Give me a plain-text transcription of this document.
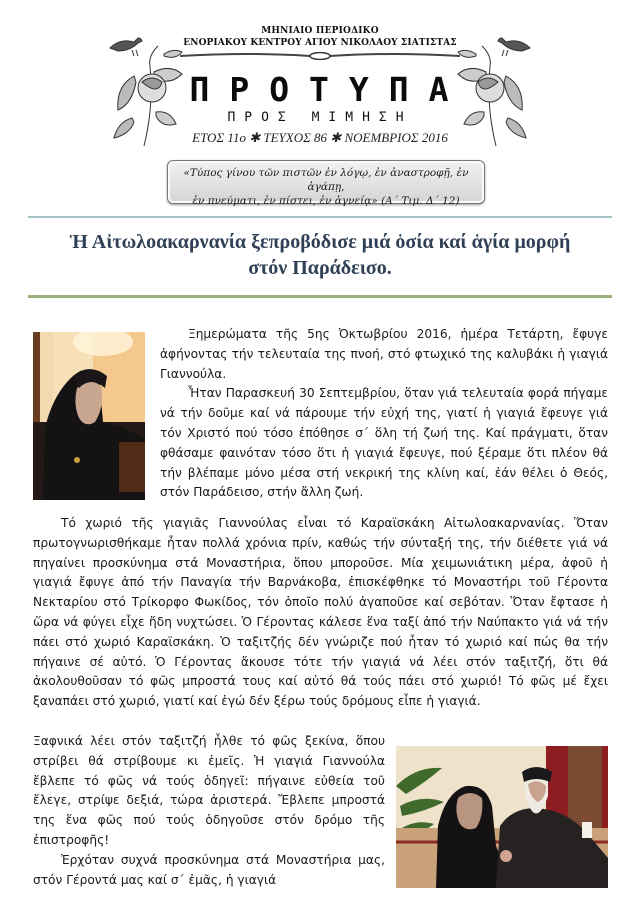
ΜΗΝΙΑΙΟ ΠΕΡΙΟΔΙΚΟ
ΕΝΟΡΙΑΚΟΥ ΚΕΝΤΡΟΥ ΑΓΙΟΥ ΝΙΚΟΛΑΟΥ ΣΙΑΤΙΣΤΑΣ
ΠΡΟΤΥΠΑ
ΠΡΟΣ ΜΙΜΗΣΗ
ΕΤΟΣ 11ο ✱ ΤΕΥΧΟΣ 86 ✱ ΝΟΕΜΒΡΙΟΣ 2016
«Τύπος γίνου τῶν πιστῶν ἐν λόγῳ, ἐν ἀναστροφῇ, ἐν ἀγάπῃ,
ἐν πνεύματι, ἐν πίστει, ἐν ἁγνείᾳ» (Α΄ Τιμ. Δ΄ 12)
Ἡ Αἰτωλοακαρνανία ξεπροβόδισε μιά ὁσία καί ἁγία μορφή
στόν Παράδεισο.

Ξημερώματα τῆς 5ης Ὀκτωβρίου 2016, ἡμέρα Τετάρτη, ἔφυγε ἀφήνοντας τήν τελευταία της πνοή, στό φτωχικό της καλυβάκι ἡ γιαγιά Γιαννούλα.

Ἦταν Παρασκευή 30 Σεπτεμβρίου, ὅταν γιά τελευταία φορά πήγαμε νά τήν δοῦμε καί νά πάρουμε τήν εὐχή της, γιατί ἡ γιαγιά ἔφευγε γιά τόν Χριστό πού τόσο ἐπόθησε σ΄ ὅλη τή ζωή της. Καί πράγματι, ὅταν φθάσαμε φαινόταν τόσο ὅτι ἡ γιαγιά ἔφευγε, πού ξέραμε ὅτι πλέον θά τήν βλέπαμε μόνο μέσα στή νεκρική της κλίνη καί, ἐάν θέλει ὁ Θεός, στόν Παράδεισο, στήν ἄλλη ζωή.

Τό χωριό τῆς γιαγιᾶς Γιαννούλας εἶναι τό Καραϊσκάκη Αἰτωλοακαρνανίας. Ὅταν πρωτογνωρισθήκαμε ἦταν πολλά χρόνια πρίν, καθώς τήν σύνταξή της, τήν διέθετε γιά νά πηγαίνει προσκύνημα στά Μοναστήρια, ὅπου μποροῦσε. Μία χειμωνιάτικη μέρα, ἀφοῦ ἡ γιαγιά ἔφυγε ἀπό τήν Παναγία τήν Βαρνάκοβα, ἐπισκέφθηκε τό Μοναστήρι τοῦ Γέροντα Νεκταρίου στό Τρίκορφο Φωκίδος, τόν ὁποῖο πολύ ἀγαποῦσε καί σεβόταν. Ὅταν ἔφτασε ἡ ὥρα νά φύγει εἶχε ἤδη νυχτώσει. Ὁ Γέροντας κάλεσε ἕνα ταξί ἀπό τήν Ναύπακτο γιά νά τήν πάει στό χωριό Καραϊσκάκη. Ὁ ταξιτζής δέν γνώριζε πού ἦταν τό χωριό καί πώς θα τήν πήγαινε σέ αὐτό. Ὁ Γέροντας ἄκουσε τότε τήν γιαγιά νά λέει στόν ταξιτζή, ὅτι θά ἀκολουθοῦσαν τό φῶς μπροστά τους καί αὐτό θά τούς πάει στό χωριό! Τό φῶς μέ ἔχει ξαναπάει στό χωριό, γιατί καί ἐγώ δέν ξέρω τούς δρόμους εἶπε ἡ γιαγιά.

Ξαφνικά λέει στόν ταξιτζή ἦλθε τό φῶς ξεκίνα, ὅπου στρίβει θά στρίβουμε κι ἐμεῖς. Ἡ γιαγιά Γιαννούλα ἔβλεπε τό φῶς νά τούς ὁδηγεῖ: πήγαινε εὐθεία τοῦ ἔλεγε, στρίψε δεξιά, τώρα ἀριστερά. Ἔβλεπε μπροστά της ἕνα φῶς πού τούς ὁδηγοῦσε στόν δρόμο τῆς ἐπιστροφῆς!

Ἐρχόταν συχνά προσκύνημα στά Μοναστήρια μας, στόν Γέροντά μας καί σ΄ ἐμᾶς, ἡ γιαγιά
